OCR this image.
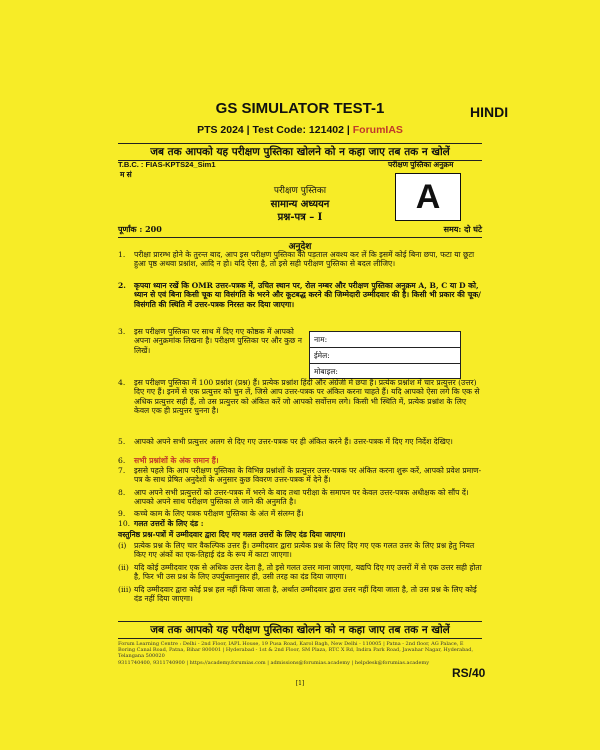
GS SIMULATOR TEST-1	HINDI
PTS 2024 | Test Code: 121402 | ForumIAS
जब तक आपको यह परीक्षण पुस्तिका खोलने को न कहा जाए तब तक न खोलें
T.B.C. : FIAS-KPTS24_Sim1
म सं
परीक्षण पुस्तिका अनुक्रम
A
परीक्षण पुस्तिका
सामान्य अध्ययन
प्रश्न-पत्र – I
पूर्णांक : 200	समय: दो घंटे
अनुदेश
1.	परीक्षा प्रारम्भ होने के तुरन्त बाद, आप इस परीक्षण पुस्तिका की पड़ताल अवश्य कर लें कि इसमें कोई बिना छपा, फटा या छूटा हुआ पृष्ठ अथवा प्रश्नांश, आदि न हो। यदि ऐसा है, तो इसे सही परीक्षण पुस्तिका से बदल लीजिए।
2.	कृपया ध्यान रखें कि OMR उत्तर-पत्रक में, उचित स्थान पर, रोल नम्बर और परीक्षण पुस्तिका अनुक्रम A, B, C या D को, ध्यान से एवं बिना किसी चूक या विसंगति के भरने और कूटबद्ध करने की जिम्मेदारी उम्मीदवार की है। किसी भी प्रकार की चूक/विसंगति की स्थिति में उत्तर-पत्रक निरस्त कर दिया जाएगा।
3.	इस परीक्षण पुस्तिका पर साथ में दिए गए कोष्ठक में आपको अपना अनुक्रमांक लिखना है। परीक्षण पुस्तिका पर और कुछ न लिखें।
नाम:
ईमेल:
मोबाइल:
4.	इस परीक्षण पुस्तिका में 100 प्रश्नांश (प्रश्न) हैं। प्रत्येक प्रश्नांश हिंदी और अंग्रेजी में छपा है। प्रत्येक प्रश्नांश में चार प्रत्युत्तर (उत्तर) दिए गए हैं। इनमें से एक प्रत्युत्तर को चुन लें, जिसे आप उत्तर-पत्रक पर अंकित करना चाहते हैं। यदि आपको ऐसा लगे कि एक से अधिक प्रत्युत्तर सही हैं, तो उस प्रत्युत्तर को अंकित करें जो आपको सर्वोत्तम लगे। किसी भी स्थिति में, प्रत्येक प्रश्नांश के लिए केवल एक ही प्रत्युत्तर चुनना है।
5.	आपको अपने सभी प्रत्युत्तर अलग से दिए गए उत्तर-पत्रक पर ही अंकित करने हैं। उत्तर-पत्रक में दिए गए निर्देश देखिए।
6.	सभी प्रश्नांशों के अंक समान हैं।
7.	इससे पहले कि आप परीक्षण पुस्तिका के विभिन्न प्रश्नांशों के प्रत्युत्तर उत्तर-पत्रक पर अंकित करना शुरू करें, आपको प्रवेश प्रमाण-पत्र के साथ प्रेषित अनुदेशों के अनुसार कुछ विवरण उत्तर-पत्रक में देने हैं।
8.	आप अपने सभी प्रत्युत्तरों को उत्तर-पत्रक में भरने के बाद तथा परीक्षा के समापन पर केवल उत्तर-पत्रक अधीक्षक को सौंप दें। आपको अपने साथ परीक्षण पुस्तिका ले जाने की अनुमति है।
9.	कच्चे काम के लिए पत्रक परीक्षण पुस्तिका के अंत में संलग्न हैं।
10. गलत उत्तरों के लिए दंड :
वस्तुनिष्ठ प्रश्न-पत्रों में उम्मीदवार द्वारा दिए गए गलत उत्तरों के लिए दंड दिया जाएगा।
(i)	प्रत्येक प्रश्न के लिए चार वैकल्पिक उत्तर हैं। उम्मीदवार द्वारा प्रत्येक प्रश्न के लिए दिए गए एक गलत उत्तर के लिए प्रश्न हेतु नियत किए गए अंकों का एक-तिहाई दंड के रूप में काटा जाएगा।
(ii) यदि कोई उम्मीदवार एक से अधिक उत्तर देता है, तो इसे गलत उत्तर माना जाएगा, यद्यपि दिए गए उत्तरों में से एक उत्तर सही होता है, फिर भी उस प्रश्न के लिए उपर्युक्तानुसार ही, उसी तरह का दंड दिया जाएगा।
(iii) यदि उम्मीदवार द्वारा कोई प्रश्न हल नहीं किया जाता है, अर्थात उम्मीदवार द्वारा उत्तर नहीं दिया जाता है, तो उस प्रश्न के लिए कोई दंड नहीं दिया जाएगा।
जब तक आपको यह परीक्षण पुस्तिका खोलने को न कहा जाए तब तक न खोलें
Forum Learning Centre : Delhi - 2nd Floor, IAPL House, 19 Pusa Road, Karol Bagh, New Delhi - 110005 | Patna - 2nd floor, AG Palace, E Boring Canal Road, Patna, Bihar 800001 | Hyderabad - 1st & 2nd Floor, SM Plaza, RTC X Rd, Indira Park Road, Jawahar Nagar, Hyderabad, Telangana 500020
9311740400, 9311740900 | https://academy.forumias.com | admissions@forumias.academy | helpdesk@forumias.academy
[1]
RS/40
